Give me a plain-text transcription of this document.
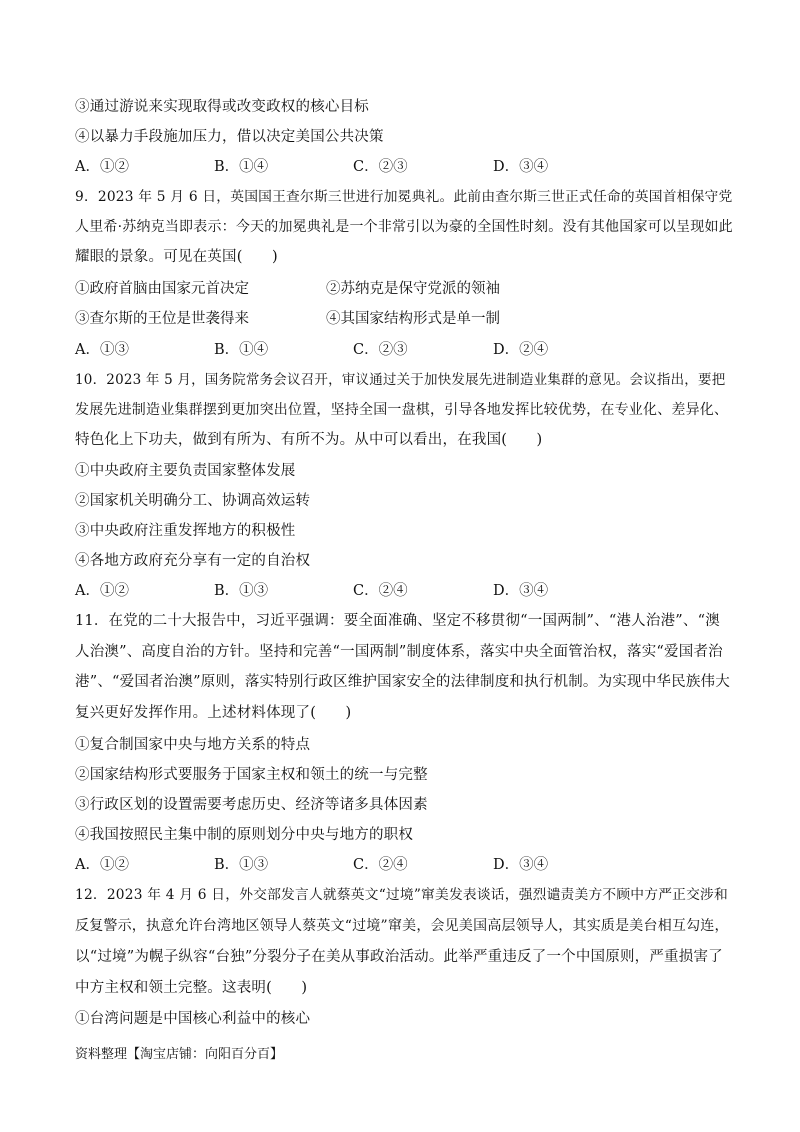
③通过游说来实现取得或改变政权的核心目标
④以暴力手段施加压力，借以决定美国公共决策
A．①②	B．①④	C．②③	D．③④
9．2023 年 5 月 6 日，英国国王查尔斯三世进行加冕典礼。此前由查尔斯三世正式任命的英国首相保守党
人里希·苏纳克当即表示：今天的加冕典礼是一个非常引以为豪的全国性时刻。没有其他国家可以呈现如此
耀眼的景象。可见在英国(　　)
①政府首脑由国家元首决定	②苏纳克是保守党派的领袖
③查尔斯的王位是世袭得来	④其国家结构形式是单一制
A．①③	B．①④	C．②③	D．②④
10．2023 年 5 月，国务院常务会议召开，审议通过关于加快发展先进制造业集群的意见。会议指出，要把
发展先进制造业集群摆到更加突出位置，坚持全国一盘棋，引导各地发挥比较优势，在专业化、差异化、
特色化上下功夫，做到有所为、有所不为。从中可以看出，在我国(　　)
①中央政府主要负责国家整体发展
②国家机关明确分工、协调高效运转
③中央政府注重发挥地方的积极性
④各地方政府充分享有一定的自治权
A．①②	B．①③	C．②④	D．③④
11．在党的二十大报告中，习近平强调：要全面准确、坚定不移贯彻“一国两制”、“港人治港”、“澳
人治澳”、高度自治的方针。坚持和完善“一国两制”制度体系，落实中央全面管治权，落实“爱国者治
港”、“爱国者治澳”原则，落实特别行政区维护国家安全的法律制度和执行机制。为实现中华民族伟大
复兴更好发挥作用。上述材料体现了(　　)
①复合制国家中央与地方关系的特点
②国家结构形式要服务于国家主权和领土的统一与完整
③行政区划的设置需要考虑历史、经济等诸多具体因素
④我国按照民主集中制的原则划分中央与地方的职权
A．①②	B．①③	C．②④	D．③④
12．2023 年 4 月 6 日，外交部发言人就蔡英文“过境”窜美发表谈话，强烈谴责美方不顾中方严正交涉和
反复警示，执意允许台湾地区领导人蔡英文“过境”窜美，会见美国高层领导人，其实质是美台相互勾连，
以“过境”为幌子纵容“台独”分裂分子在美从事政治活动。此举严重违反了一个中国原则，严重损害了
中方主权和领土完整。这表明(　　)
①台湾问题是中国核心利益中的核心
资料整理【淘宝店铺：向阳百分百】
